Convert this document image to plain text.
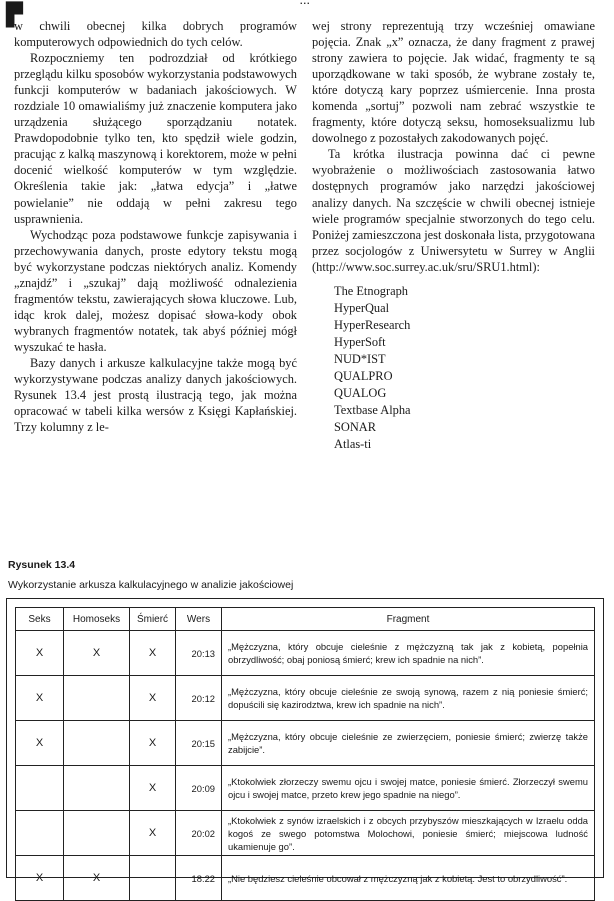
▛
...

w chwili obecnej kilka dobrych programów komputerowych odpowiednich do tych celów.

Rozpoczniemy ten podrozdział od krótkiego przeglądu kilku sposobów wykorzystania podstawowych funkcji komputerów w badaniach jakościowych. W rozdziale 10 omawialiśmy już znaczenie komputera jako urządzenia służącego sporządzaniu notatek. Prawdopodobnie tylko ten, kto spędził wiele godzin, pracując z kalką maszynową i korektorem, może w pełni docenić wielkość komputerów w tym względzie. Określenia takie jak: „łatwa edycja” i „łatwe powielanie” nie oddają w pełni zakresu tego usprawnienia.

Wychodząc poza podstawowe funkcje zapisywania i przechowywania danych, proste edytory tekstu mogą być wykorzystane podczas niektórych analiz. Komendy „znajdź” i „szukaj” dają możliwość odnalezienia fragmentów tekstu, zawierających słowa kluczowe. Lub, idąc krok dalej, możesz dopisać słowa-kody obok wybranych fragmentów notatek, tak abyś później mógł wyszukać te hasła.

Bazy danych i arkusze kalkulacyjne także mogą być wykorzystywane podczas analizy danych jakościowych. Rysunek 13.4 jest prostą ilustracją tego, jak można opracować w tabeli kilka wersów z Księgi Kapłańskiej. Trzy kolumny z le-

wej strony reprezentują trzy wcześniej omawiane pojęcia. Znak „x” oznacza, że dany fragment z prawej strony zawiera to pojęcie. Jak widać, fragmenty te są uporządkowane w taki sposób, że wybrane zostały te, które dotyczą kary poprzez uśmiercenie. Inna prosta komenda „sortuj” pozwoli nam zebrać wszystkie te fragmenty, które dotyczą seksu, homoseksualizmu lub dowolnego z pozostałych zakodowanych pojęć.

Ta krótka ilustracja powinna dać ci pewne wyobrażenie o możliwościach zastosowania łatwo dostępnych programów jako narzędzi jakościowej analizy danych. Na szczęście w chwili obecnej istnieje wiele programów specjalnie stworzonych do tego celu. Poniżej zamieszczona jest doskonała lista, przygotowana przez socjologów z Uniwersytetu w Surrey w Anglii (http://www.soc.surrey.ac.uk/sru/SRU1.html):

The Etnograph
HyperQual
HyperResearch
HyperSoft
NUD*IST
QUALPRO
QUALOG
Textbase Alpha
SONAR
Atlas-ti
Rysunek 13.4
Wykorzystanie arkusza kalkulacyjnego w analizie jakościowej
Seks	Homoseks	Śmierć	Wers	Fragment
X	X	X	20:13	„Mężczyzna, który obcuje cieleśnie z mężczyzną tak jak z kobietą, popełnia obrzydliwość; obaj poniosą śmierć; krew ich spadnie na nich”.
X		X	20:12	„Mężczyzna, który obcuje cieleśnie ze swoją synową, razem z nią poniesie śmierć; dopuścili się kazirodztwa, krew ich spadnie na nich”.
X		X	20:15	„Mężczyzna, który obcuje cieleśnie ze zwierzęciem, poniesie śmierć; zwierzę także zabijcie”.
		X	20:09	„Ktokolwiek złorzeczy swemu ojcu i swojej matce, poniesie śmierć. Złorzeczył swemu ojcu i swojej matce, przeto krew jego spadnie na niego”.
		X	20:02	„Ktokolwiek z synów izraelskich i z obcych przybyszów mieszkających w Izraelu odda kogoś ze swego potomstwa Molochowi, poniesie śmierć; miejscowa ludność ukamienuje go”.
X	X		18:22	„Nie będziesz cieleśnie obcował z mężczyzną jak z kobietą. Jest to obrzydliwość”.
